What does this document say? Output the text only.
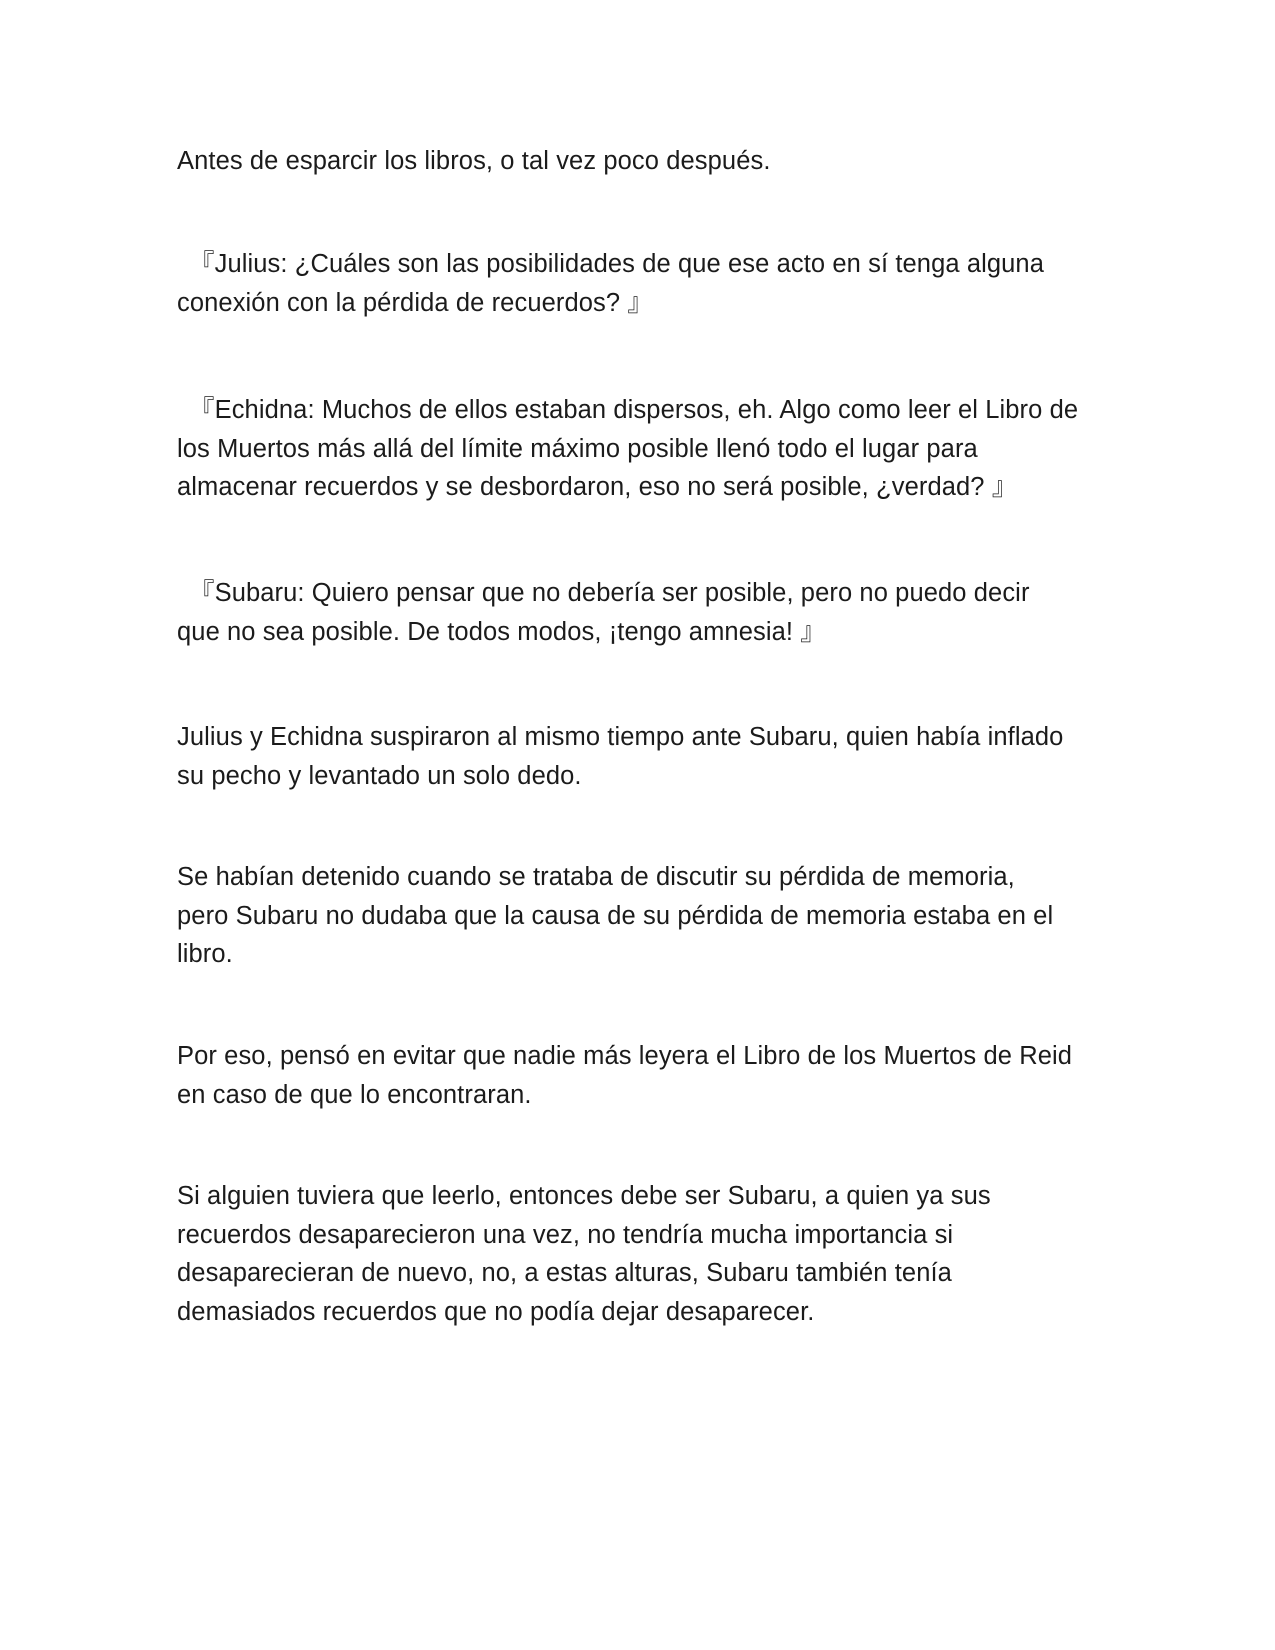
Antes de esparcir los libros, o tal vez poco después.
『Julius: ¿Cuáles son las posibilidades de que ese acto en sí tenga alguna
conexión con la pérdida de recuerdos? 』
『Echidna: Muchos de ellos estaban dispersos, eh. Algo como leer el Libro de
los Muertos más allá del límite máximo posible llenó todo el lugar para
almacenar recuerdos y se desbordaron, eso no será posible, ¿verdad? 』
『Subaru: Quiero pensar que no debería ser posible, pero no puedo decir
que no sea posible. De todos modos, ¡tengo amnesia! 』
Julius y Echidna suspiraron al mismo tiempo ante Subaru, quien había inflado
su pecho y levantado un solo dedo.
Se habían detenido cuando se trataba de discutir su pérdida de memoria,
pero Subaru no dudaba que la causa de su pérdida de memoria estaba en el
libro.
Por eso, pensó en evitar que nadie más leyera el Libro de los Muertos de Reid
en caso de que lo encontraran.
Si alguien tuviera que leerlo, entonces debe ser Subaru, a quien ya sus
recuerdos desaparecieron una vez, no tendría mucha importancia si
desaparecieran de nuevo, no, a estas alturas, Subaru también tenía
demasiados recuerdos que no podía dejar desaparecer.
